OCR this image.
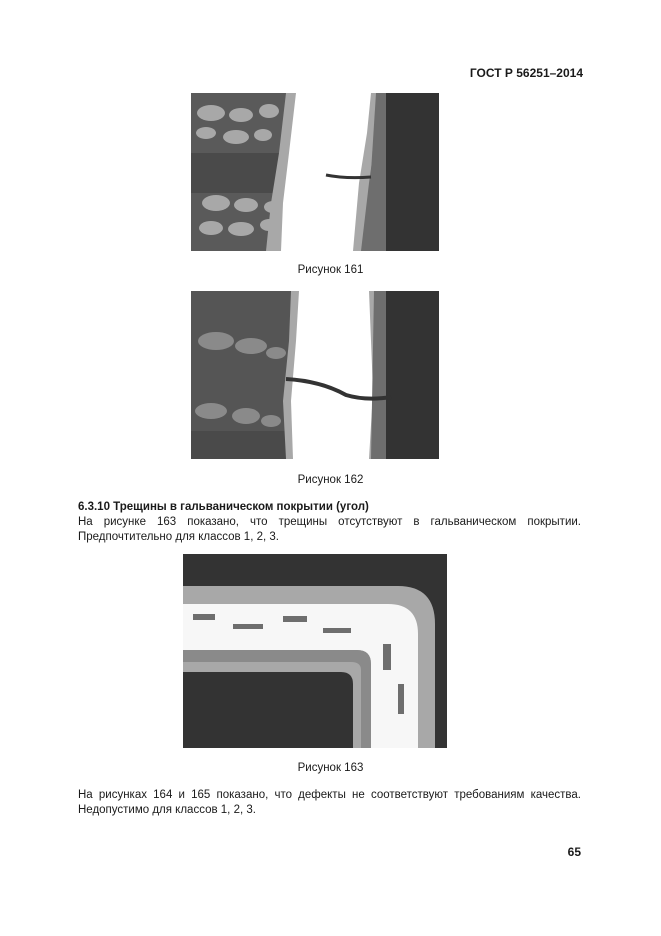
ГОСТ Р 56251–2014
Рисунок 161
Рисунок 162
6.3.10 Трещины в гальваническом покрытии (угол)
На рисунке 163 показано, что трещины отсутствуют в гальваническом покрытии. Предпочтительно для классов 1, 2, 3.
Рисунок 163
На рисунках 164 и 165 показано, что дефекты не соответствуют требованиям качества. Недопустимо для классов 1, 2, 3.
65
